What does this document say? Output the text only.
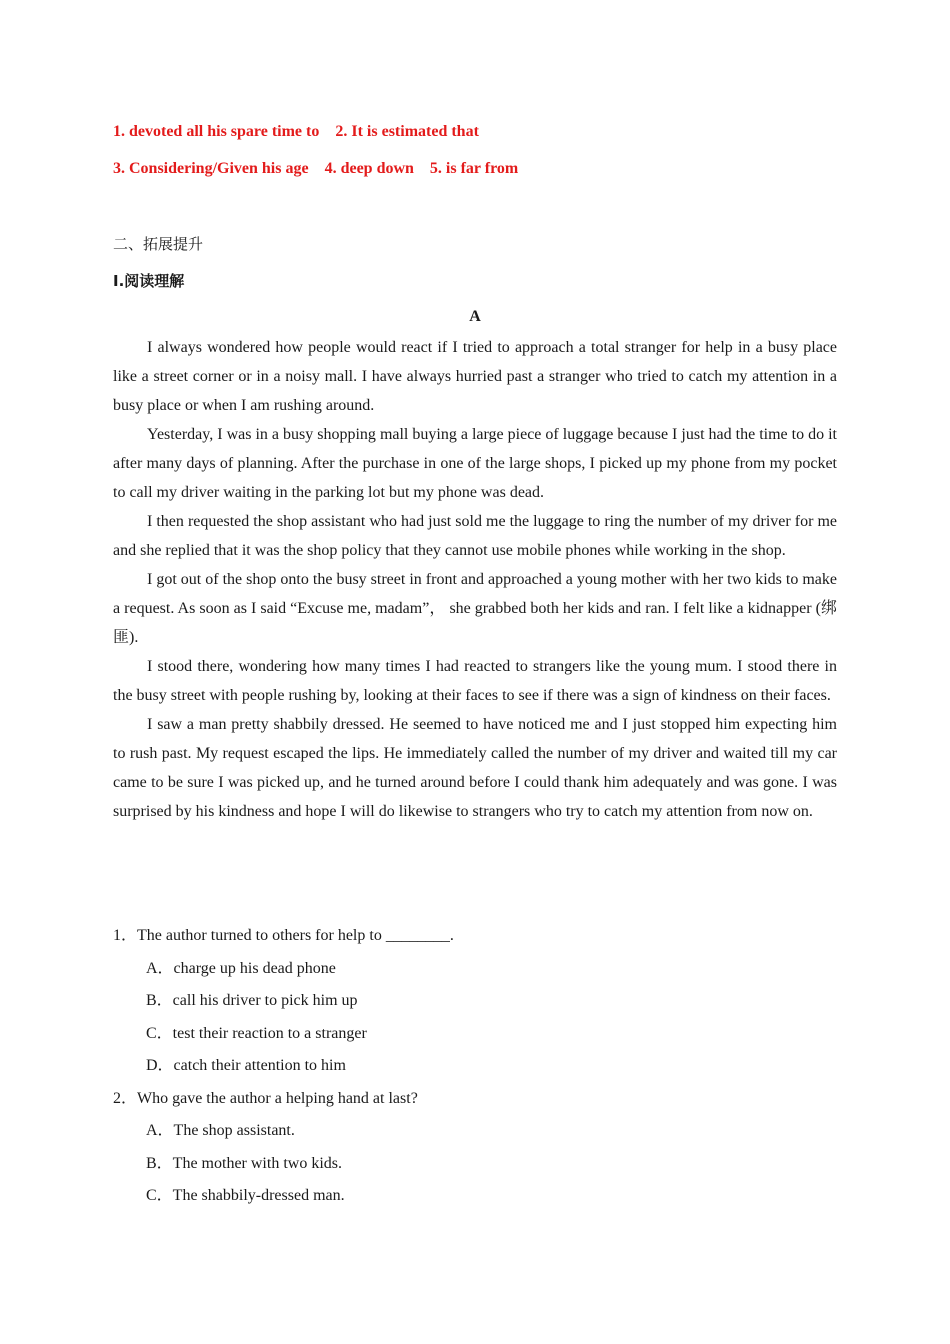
1. devoted all his spare time to    2. It is estimated that
3. Considering/Given his age    4. deep down    5. is far from
二、拓展提升
I.阅读理解
A

I always wondered how people would react if I tried to approach a total stranger for help in a busy place like a street corner or in a noisy mall. I have always hurried past a stranger who tried to catch my attention in a busy place or when I am rushing around.

Yesterday, I was in a busy shopping mall buying a large piece of luggage because I just had the time to do it after many days of planning. After the purchase in one of the large shops, I picked up my phone from my pocket to call my driver waiting in the parking lot but my phone was dead.

I then requested the shop assistant who had just sold me the luggage to ring the number of my driver for me and she replied that it was the shop policy that they cannot use mobile phones while working in the shop.

I got out of the shop onto the busy street in front and approached a young mother with her two kids to make a request. As soon as I said “Excuse me, madam”， she grabbed both her kids and ran. I felt like a kidnapper (绑匪).

I stood there, wondering how many times I had reacted to strangers like the young mum. I stood there in the busy street with people rushing by, looking at their faces to see if there was a sign of kindness on their faces.

I saw a man pretty shabbily dressed. He seemed to have noticed me and I just stopped him expecting him to rush past. My request escaped the lips. He immediately called the number of my driver and waited till my car came to be sure I was picked up, and he turned around before I could thank him adequately and was gone. I was surprised by his kindness and hope I will do likewise to strangers who try to catch my attention from now on.

1．The author turned to others for help to ________.
A．charge up his dead phone
B．call his driver to pick him up
C．test their reaction to a stranger
D．catch their attention to him
2．Who gave the author a helping hand at last?
A．The shop assistant.
B．The mother with two kids.
C．The shabbily-dressed man.
